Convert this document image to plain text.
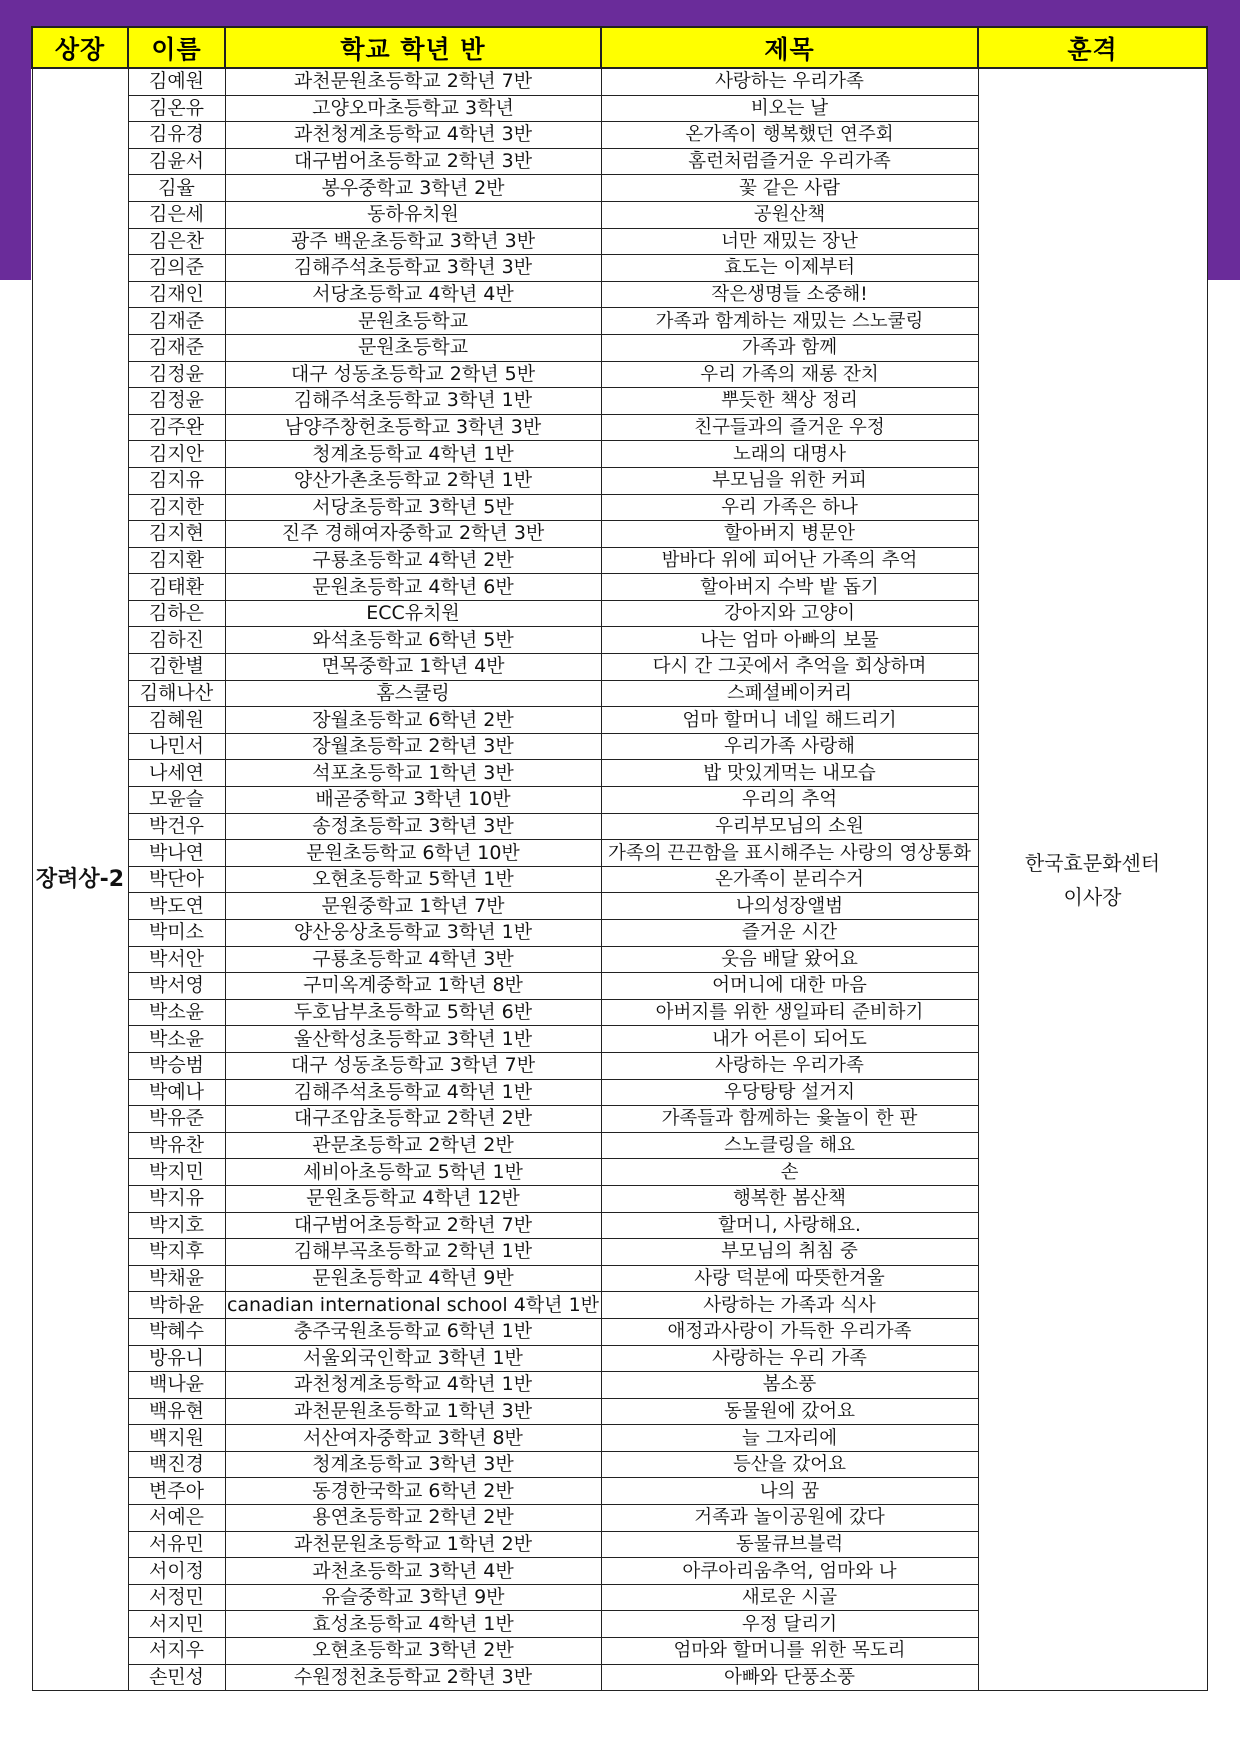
상장	이름	학교 학년 반	제목	훈격
장려상-2	김예원	과천문원초등학교 2학년 7반	사랑하는 우리가족	한국효문화센터
이사장

	김온유	고양오마초등학교 3학년	비오는 날	
	김유경	과천청계초등학교 4학년 3반	온가족이 행복했던 연주회	
	김윤서	대구범어초등학교 2학년 3반	홈런처럼즐거운 우리가족	
	김율	봉우중학교 3학년 2반	꽃 같은 사람	
	김은세	동하유치원	공원산책	
	김은찬	광주 백운초등학교 3학년 3반	너만 재밌는 장난	
	김의준	김해주석초등학교 3학년 3반	효도는 이제부터	
	김재인	서당초등학교 4학년 4반	작은생명들 소중해!	
	김재준	문원초등학교	가족과 함계하는 재밌는 스노쿨링	
	김재준	문원초등학교	가족과 함께	
	김정윤	대구 성동초등학교 2학년 5반	우리 가족의 재롱 잔치	
	김정윤	김해주석초등학교 3학년 1반	뿌듯한 책상 정리	
	김주완	남양주창헌초등학교 3학년 3반	친구들과의 즐거운 우정	
	김지안	청계초등학교 4학년 1반	노래의 대명사	
	김지유	양산가촌초등학교 2학년 1반	부모님을 위한 커피	
	김지한	서당초등학교 3학년 5반	우리 가족은 하나	
	김지현	진주 경해여자중학교 2학년 3반	할아버지 병문안	
	김지환	구룡초등학교 4학년 2반	밤바다 위에 피어난 가족의 추억	
	김태환	문원초등학교 4학년 6반	할아버지 수박 밭 돕기	
	김하은	ECC유치원	강아지와 고양이	
	김하진	와석초등학교 6학년 5반	나는 엄마 아빠의 보물	
	김한별	면목중학교 1학년 4반	다시 간 그곳에서 추억을 회상하며	
	김해나산	홈스쿨링	스페셜베이커리	
	김혜원	장월초등학교 6학년 2반	엄마 할머니 네일 해드리기	
	나민서	장월초등학교 2학년 3반	우리가족 사랑해	
	나세연	석포초등학교 1학년 3반	밥 맛있게먹는 내모습	
	모윤슬	배곧중학교 3학년 10반	우리의 추억	
	박건우	송정초등학교 3학년 3반	우리부모님의 소원	
	박나연	문원초등학교 6학년 10반	가족의 끈끈함을 표시해주는 사랑의 영상통화	
	박단아	오현초등학교 5학년 1반	온가족이 분리수거	
	박도연	문원중학교 1학년 7반	나의성장앨범	
	박미소	양산웅상초등학교 3학년 1반	즐거운 시간	
	박서안	구룡초등학교 4학년 3반	웃음 배달 왔어요	
	박서영	구미옥계중학교 1학년 8반	어머니에 대한 마음	
	박소윤	두호남부초등학교 5학년 6반	아버지를 위한 생일파티 준비하기	
	박소윤	울산학성초등학교 3학년 1반	내가 어른이 되어도	
	박승범	대구 성동초등학교 3학년 7반	사랑하는 우리가족	
	박예나	김해주석초등학교 4학년 1반	우당탕탕 설거지	
	박유준	대구조암초등학교 2학년 2반	가족들과 함께하는 윷놀이 한 판	
	박유찬	관문초등학교 2학년 2반	스노클링을 해요	
	박지민	세비아초등학교 5학년 1반	손	
	박지유	문원초등학교 4학년 12반	행복한 봄산책	
	박지호	대구범어초등학교 2학년 7반	할머니, 사랑해요.	
	박지후	김해부곡초등학교 2학년 1반	부모님의 취침 중	
	박채윤	문원초등학교 4학년 9반	사랑 덕분에 따뜻한겨울	
	박하윤	canadian international school 4학년 1반	사랑하는 가족과 식사	
	박혜수	충주국원초등학교 6학년 1반	애정과사랑이 가득한 우리가족	
	방유니	서울외국인학교 3학년 1반	사랑하는 우리 가족	
	백나윤	과천청계초등학교 4학년 1반	봄소풍	
	백유현	과천문원초등학교 1학년 3반	동물원에 갔어요	
	백지원	서산여자중학교 3학년 8반	늘 그자리에	
	백진경	청계초등학교 3학년 3반	등산을 갔어요	
	변주아	동경한국학교 6학년 2반	나의 꿈	
	서예은	용연초등학교 2학년 2반	거족과 놀이공원에 갔다	
	서유민	과천문원초등학교 1학년 2반	동물큐브블럭	
	서이정	과천초등학교 3학년 4반	아쿠아리움추억, 엄마와 나	
	서정민	유슬중학교 3학년 9반	새로운 시골	
	서지민	효성초등학교 4학년 1반	우정 달리기	
	서지우	오현초등학교 3학년 2반	엄마와 할머니를 위한 목도리	
	손민성	수원정천초등학교 2학년 3반	아빠와 단풍소풍	
